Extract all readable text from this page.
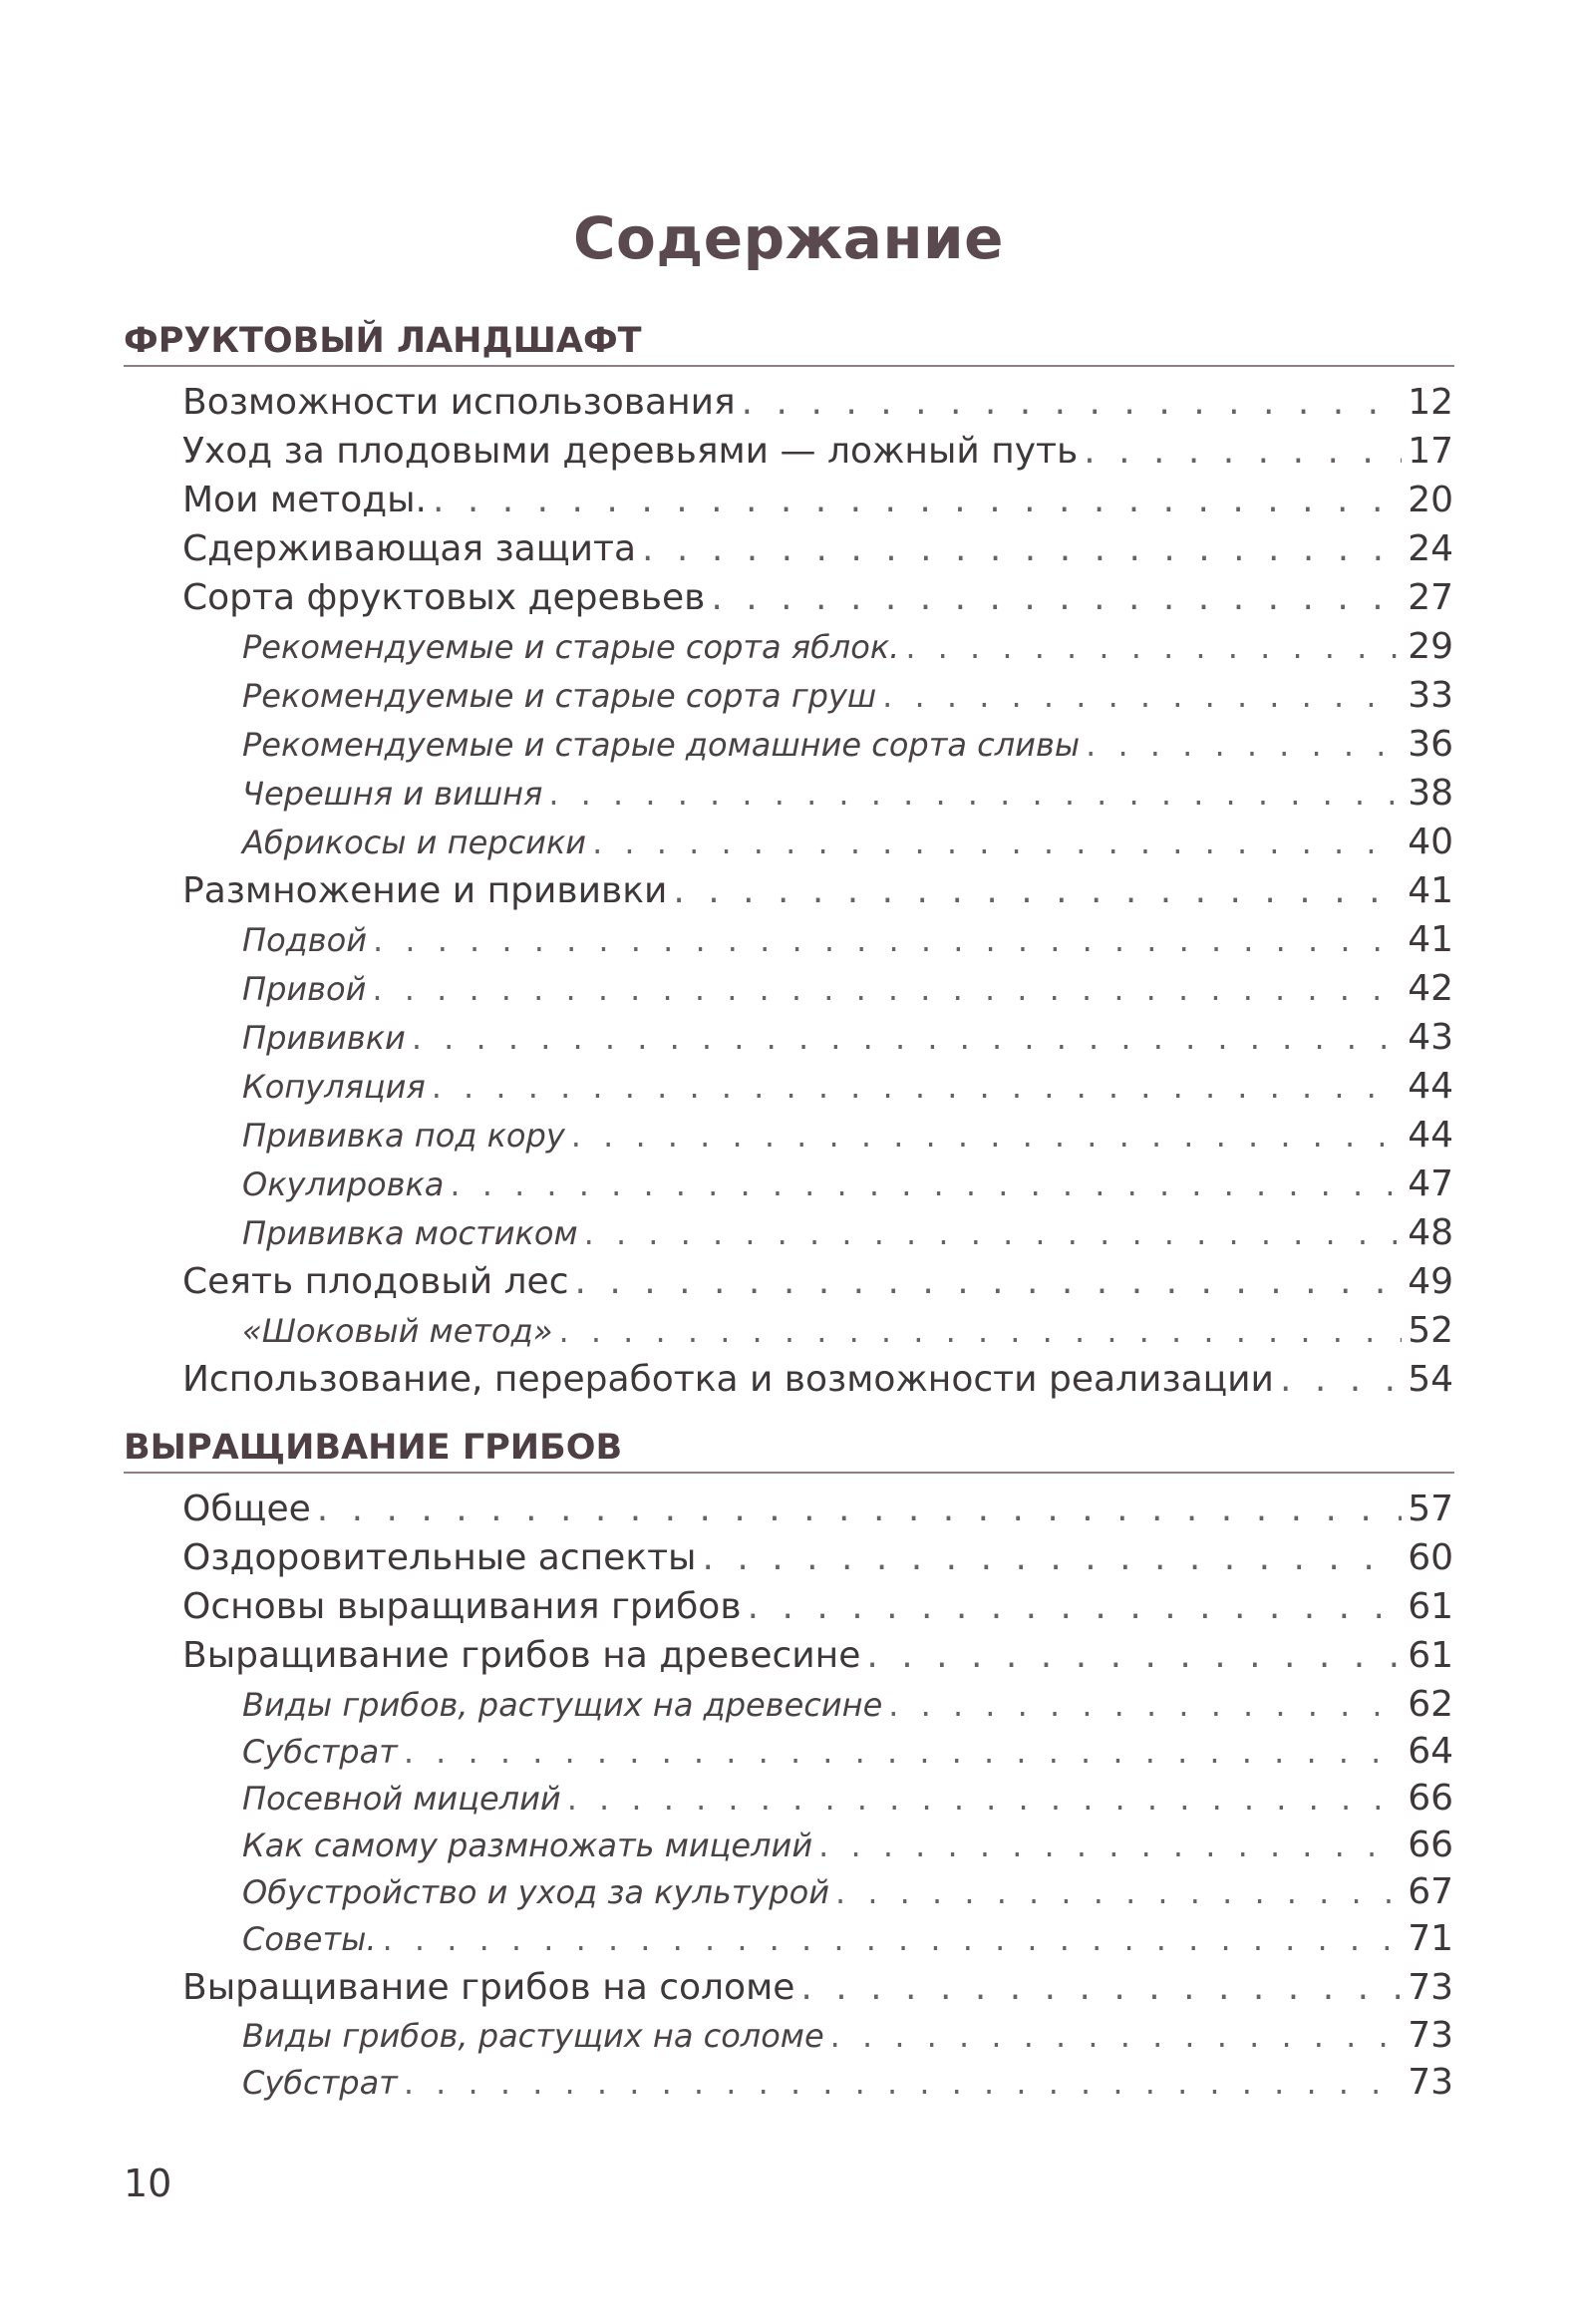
Содержание
ФРУКТОВЫЙ ЛАНДШАФТ
Возможности использования . . .	12
Уход за плодовыми деревьями — ложный путь . . .	17
Мои методы. . . .	20
Сдерживающая защита . . .	24
Сорта фруктовых деревьев . . .	27
Рекомендуемые и старые сорта яблок. . . .	29
Рекомендуемые и старые сорта груш . . .	33
Рекомендуемые и старые домашние сорта сливы . . .	36
Черешня и вишня . . .	38
Абрикосы и персики . . .	40
Размножение и прививки . . .	41
Подвой . . .	41
Привой . . .	42
Прививки . . .	43
Копуляция . . .	44
Прививка под кору . . .	44
Окулировка . . .	47
Прививка мостиком . . .	48
Сеять плодовый лес . . .	49
«Шоковый метод» . . .	52
Использование, переработка и возможности реализации . . .	54
ВЫРАЩИВАНИЕ ГРИБОВ
Общее . . .	57
Оздоровительные аспекты . . .	60
Основы выращивания грибов . . .	61
Выращивание грибов на древесине . . .	61
Виды грибов, растущих на древесине . . .	62
Субстрат . . .	64
Посевной мицелий . . .	66
Как самому размножать мицелий . . .	66
Обустройство и уход за культурой . . .	67
Советы. . . .	71
Выращивание грибов на соломе . . .	73
Виды грибов, растущих на соломе . . .	73
Субстрат . . .	73
10
